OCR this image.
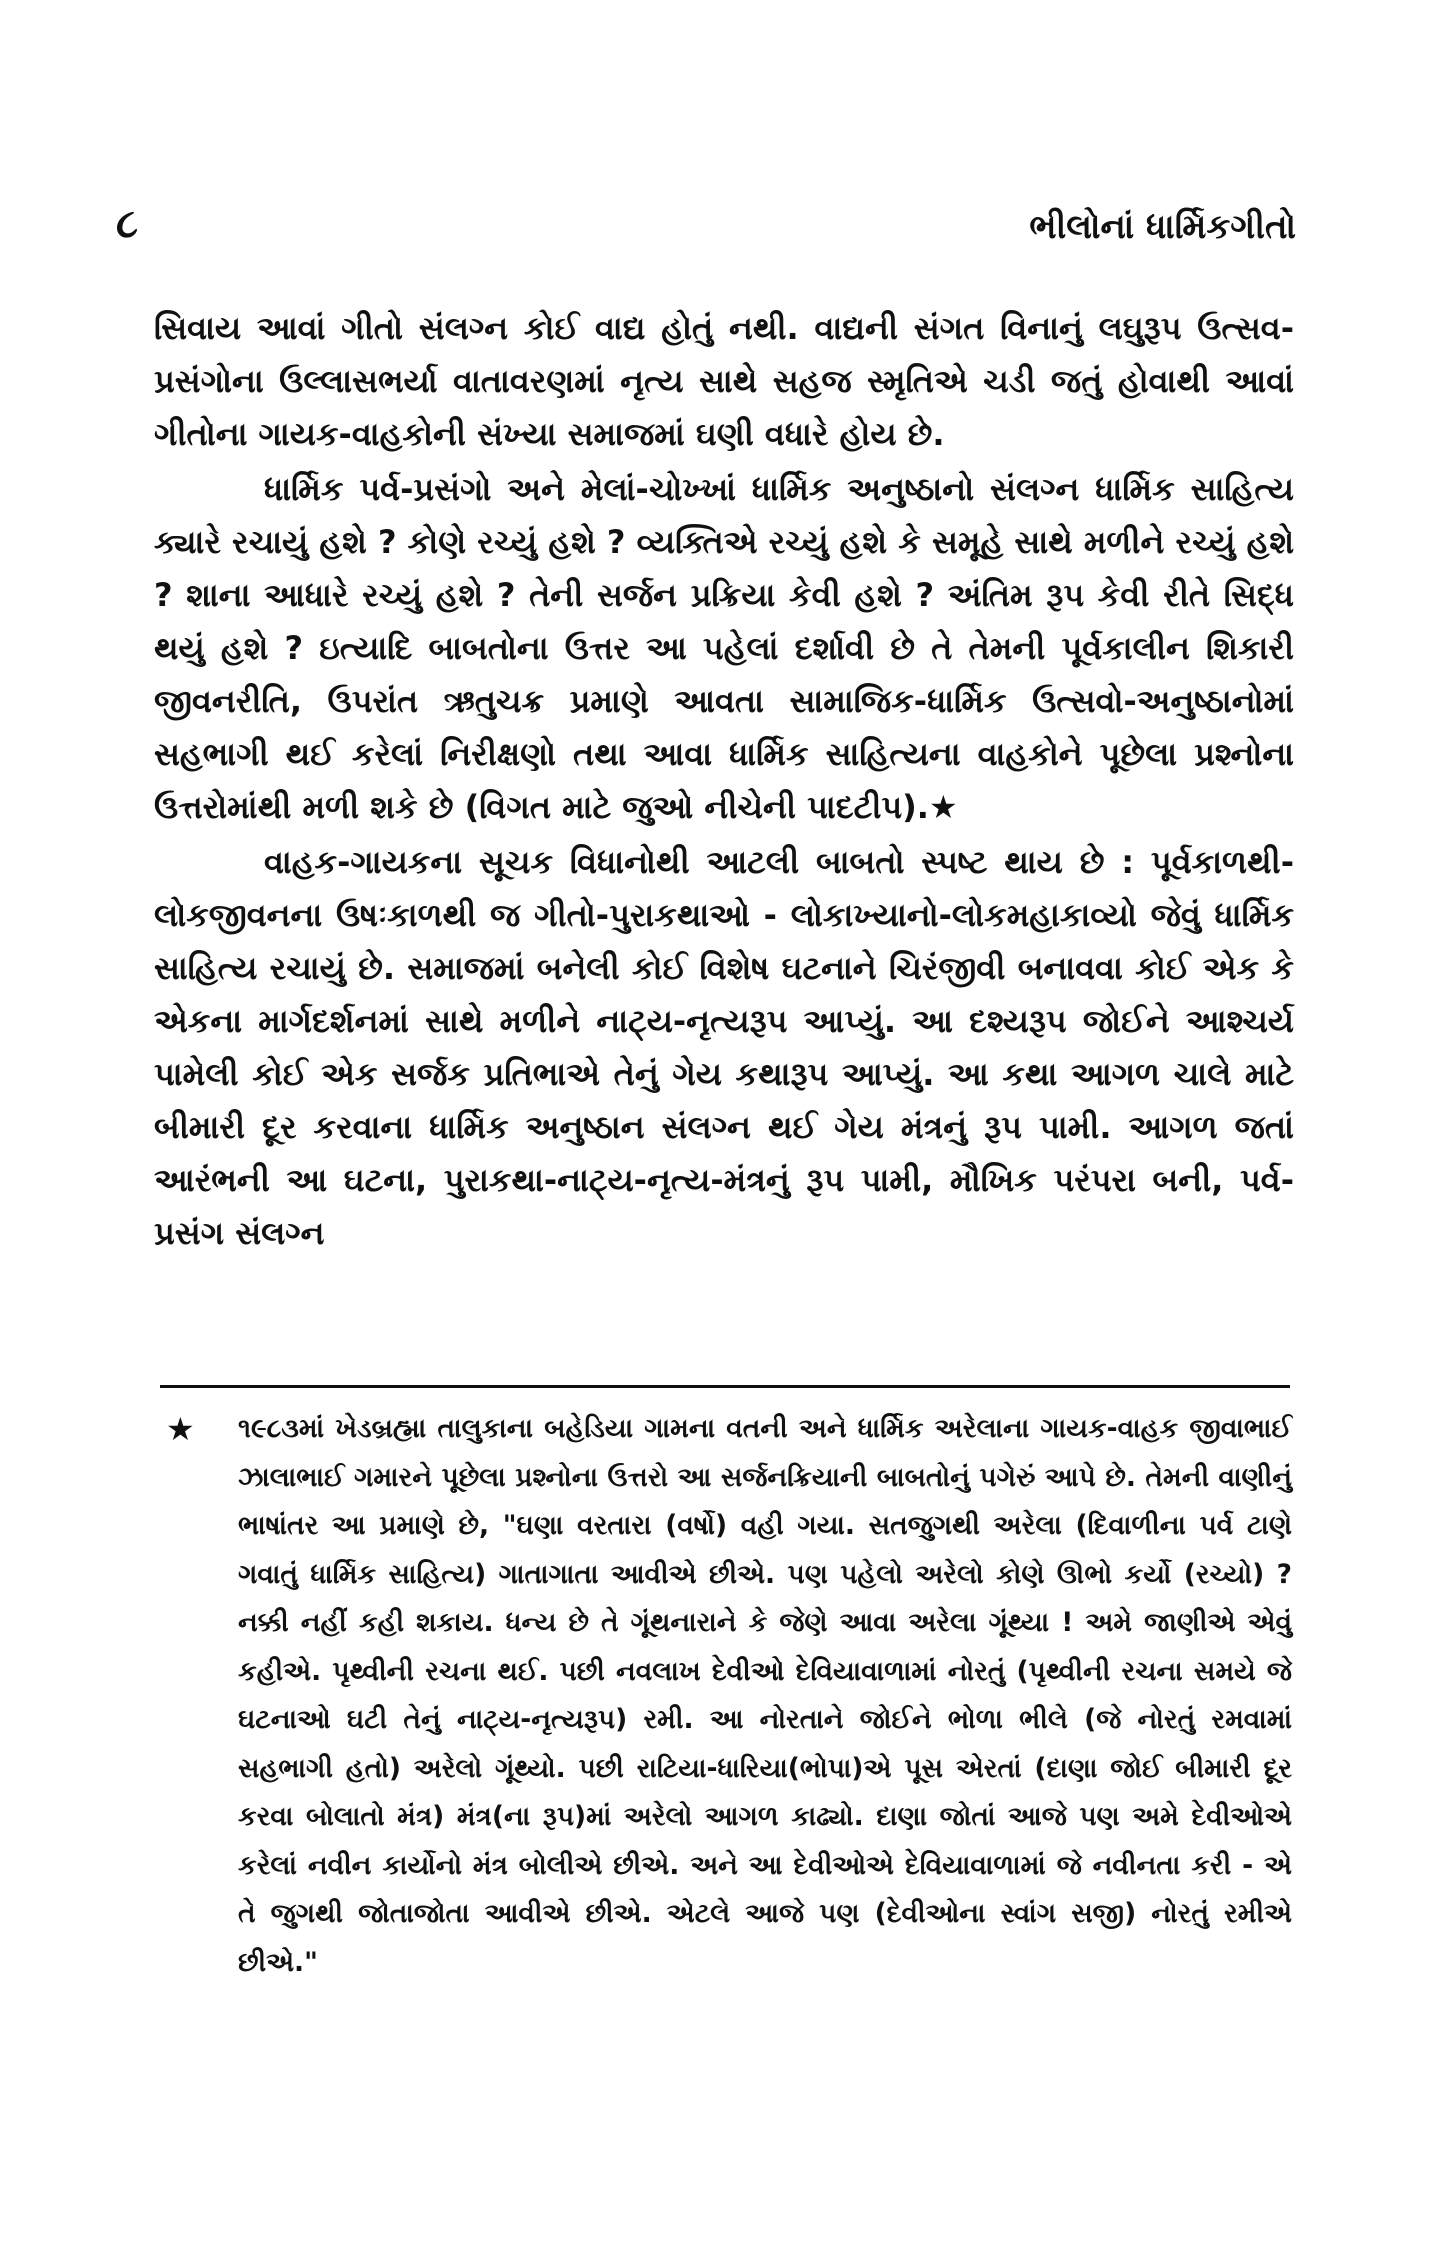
૮	ભીલોનાં ધાર્મિકગીતો

સિવાય આવાં ગીતો સંલગ્ન કોઈ વાદ્ય હોતું નથી. વાદ્યની સંગત વિનાનું લઘુરૂપ ઉત્સવ-પ્રસંગોના ઉલ્લાસભર્યા વાતાવરણમાં નૃત્ય સાથે સહજ સ્મૃતિએ ચડી જતું હોવાથી આવાં ગીતોના ગાયક-વાહકોની સંખ્યા સમાજમાં ઘણી વધારે હોય છે.

ધાર્મિક પર્વ-પ્રસંગો અને મેલાં-ચોખ્ખાં ધાર્મિક અનુષ્ઠાનો સંલગ્ન ધાર્મિક સાહિત્ય ક્યારે રચાયું હશે ? કોણે રચ્યું હશે ? વ્યક્તિએ રચ્યું હશે કે સમૂહે સાથે મળીને રચ્યું હશે ? શાના આધારે રચ્યું હશે ? તેની સર્જન પ્રક્રિયા કેવી હશે ? અંતિમ રૂપ કેવી રીતે સિદ્ધ થયું હશે ? ઇત્યાદિ બાબતોના ઉત્તર આ પહેલાં દર્શાવી છે તે તેમની પૂર્વકાલીન શિકારી જીવનરીતિ, ઉપરાંત ઋતુચક્ર પ્રમાણે આવતા સામાજિક-ધાર્મિક ઉત્સવો-અનુષ્ઠાનોમાં સહભાગી થઈ કરેલાં નિરીક્ષણો તથા આવા ધાર્મિક સાહિત્યના વાહકોને પૂછેલા પ્રશ્નોના ઉત્તરોમાંથી મળી શકે છે (વિગત માટે જુઓ નીચેની પાદટીપ).★

વાહક-ગાયકના સૂચક વિધાનોથી આટલી બાબતો સ્પષ્ટ થાય છે : પૂર્વકાળથી-લોકજીવનના ઉષઃકાળથી જ ગીતો-પુરાકથાઓ - લોકાખ્યાનો-લોકમહાકાવ્યો જેવું ધાર્મિક સાહિત્ય રચાયું છે. સમાજમાં બનેલી કોઈ વિશેષ ઘટનાને ચિરંજીવી બનાવવા કોઈ એક કે એકના માર્ગદર્શનમાં સાથે મળીને નાટ્ય-નૃત્યરૂપ આપ્યું. આ દશ્યરૂપ જોઈને આશ્ચર્ય પામેલી કોઈ એક સર્જક પ્રતિભાએ તેનું ગેય કથારૂપ આપ્યું. આ કથા આગળ ચાલે માટે બીમારી દૂર કરવાના ધાર્મિક અનુષ્ઠાન સંલગ્ન થઈ ગેય મંત્રનું રૂપ પામી. આગળ જતાં આરંભની આ ઘટના, પુરાકથા-નાટ્ય-નૃત્ય-મંત્રનું રૂપ પામી, મૌખિક પરંપરા બની, પર્વ-પ્રસંગ સંલગ્ન

★ ૧૯૮૩માં ખેડબ્રહ્મા તાલુકાના બહેડિયા ગામના વતની અને ધાર્મિક અરેલાના ગાયક-વાહક જીવાભાઈ ઝાલાભાઈ ગમારને પૂછેલા પ્રશ્નોના ઉત્તરો આ સર્જનક્રિયાની બાબતોનું પગેરું આપે છે. તેમની વાણીનું ભાષાંતર આ પ્રમાણે છે, "ઘણા વરતારા (વર્ષો) વહી ગયા. સતજુગથી અરેલા (દિવાળીના પર્વ ટાણે ગવાતું ધાર્મિક સાહિત્ય) ગાતાગાતા આવીએ છીએ. પણ પહેલો અરેલો કોણે ઊભો કર્યો (રચ્યો) ? નક્કી નહીં કહી શકાય. ધન્ય છે તે ગૂંથનારાને કે જેણે આવા અરેલા ગૂંથ્યા ! અમે જાણીએ એવું કહીએ. પૃથ્વીની રચના થઈ. પછી નવલાખ દેવીઓ દેવિયાવાળામાં નોરતું (પૃથ્વીની રચના સમયે જે ઘટનાઓ ઘટી તેનું નાટ્ય-નૃત્યરૂપ) રમી. આ નોરતાને જોઈને ભોળા ભીલે (જે નોરતું રમવામાં સહભાગી હતો) અરેલો ગૂંથ્યો. પછી રાટિયા-ધારિયા(ભોપા)એ પૂસ એરતાં (દાણા જોઈ બીમારી દૂર કરવા બોલાતો મંત્ર) મંત્ર(ના રૂપ)માં અરેલો આગળ કાઢ્યો. દાણા જોતાં આજે પણ અમે દેવીઓએ કરેલાં નવીન કાર્યોનો મંત્ર બોલીએ છીએ. અને આ દેવીઓએ દેવિયાવાળામાં જે નવીનતા કરી - એ તે જુગથી જોતાજોતા આવીએ છીએ. એટલે આજે પણ (દેવીઓના સ્વાંગ સજી) નોરતું રમીએ છીએ."
